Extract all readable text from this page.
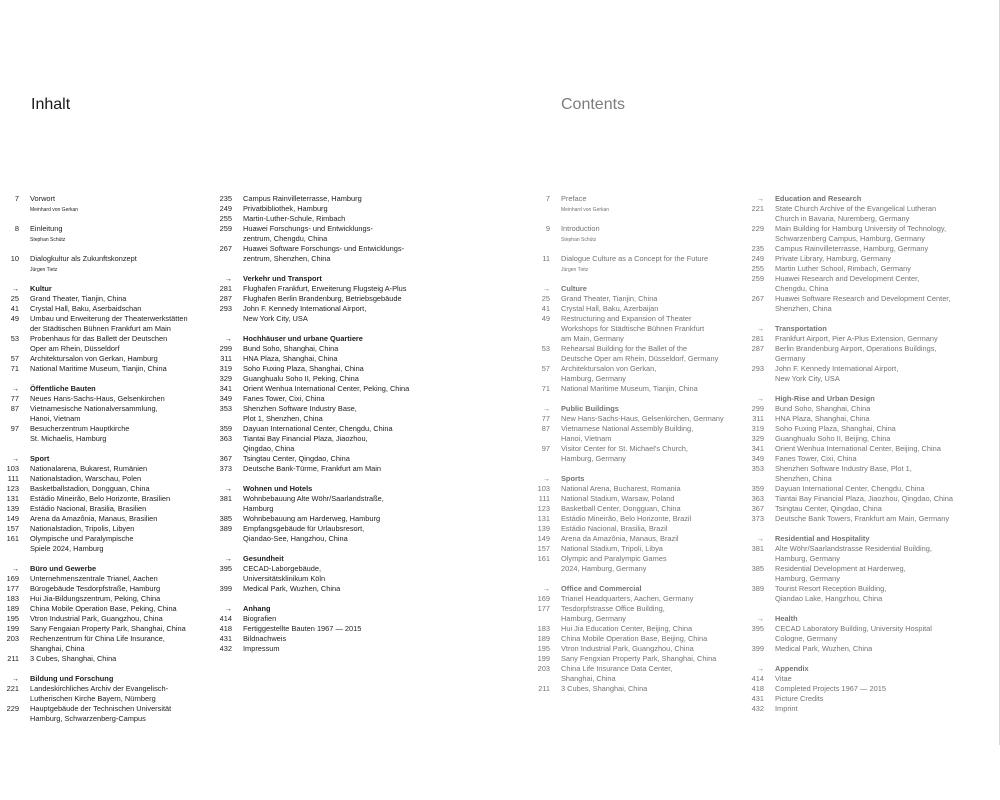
Inhalt	Contents
7 Vorwort
Meinhard von Gerkan
8 Einleitung
Stephan Schütz
10 Dialogkultur als Zukunftskonzept
Jürgen Tietz
→ Kultur
25 Grand Theater, Tianjin, China
41 Crystal Hall, Baku, Aserbaidschan
49 Umbau und Erweiterung der Theaterwerkstätten
der Städtischen Bühnen Frankfurt am Main
53 Probenhaus für das Ballett der Deutschen
Oper am Rhein, Düsseldorf
57 Architektursalon von Gerkan, Hamburg
71 National Maritime Museum, Tianjin, China
→ Öffentliche Bauten
77 Neues Hans-Sachs-Haus, Gelsenkirchen
87 Vietnamesische Nationalversammlung,
Hanoi, Vietnam
97 Besucherzentrum Hauptkirche
St. Michaelis, Hamburg
→ Sport
103 Nationalarena, Bukarest, Rumänien
111 Nationalstadion, Warschau, Polen
123 Basketballstadion, Dongguan, China
131 Estádio Mineirão, Belo Horizonte, Brasilien
139 Estádio Nacional, Brasilia, Brasilien
149 Arena da Amazônia, Manaus, Brasilien
157 Nationalstadion, Tripolis, Libyen
161 Olympische und Paralympische
Spiele 2024, Hamburg
→ Büro und Gewerbe
169 Unternehmenszentrale Trianel, Aachen
177 Bürogebäude Tesdorpfstraße, Hamburg
183 Hui Jia-Bildungszentrum, Peking, China
189 China Mobile Operation Base, Peking, China
195 Vtron Industrial Park, Guangzhou, China
199 Sany Fengaian Property Park, Shanghai, China
203 Rechenzentrum für China Life Insurance,
Shanghai, China
211 3 Cubes, Shanghai, China
→ Bildung und Forschung
221 Landeskirchliches Archiv der Evangelisch-
Lutherischen Kirche Bayern, Nürnberg
229 Hauptgebäude der Technischen Universität
Hamburg, Schwarzenberg-Campus
235 Campus Rainvilleterrasse, Hamburg
249 Privatbibliothek, Hamburg
255 Martin-Luther-Schule, Rimbach
259 Huawei Forschungs- und Entwicklungs-
zentrum, Chengdu, China
267 Huawei Software Forschungs- und Entwicklungs-
zentrum, Shenzhen, China
→ Verkehr und Transport
281 Flughafen Frankfurt, Erweiterung Flugsteig A-Plus
287 Flughafen Berlin Brandenburg, Betriebsgebäude
293 John F. Kennedy International Airport,
New York City, USA
→ Hochhäuser und urbane Quartiere
299 Bund Soho, Shanghai, China
311 HNA Plaza, Shanghai, China
319 Soho Fuxing Plaza, Shanghai, China
329 Guanghualu Soho II, Peking, China
341 Orient Wenhua International Center, Peking, China
349 Fanes Tower, Cixi, China
353 Shenzhen Software Industry Base,
Plot 1, Shenzhen, China
359 Dayuan International Center, Chengdu, China
363 Tiantai Bay Financial Plaza, Jiaozhou,
Qingdao, China
367 Tsingtau Center, Qingdao, China
373 Deutsche Bank-Türme, Frankfurt am Main
→ Wohnen und Hotels
381 Wohnbebauung Alte Wöhr/Saarlandstraße,
Hamburg
385 Wohnbebauung am Harderweg, Hamburg
389 Empfangsgebäude für Urlaubsresort,
Qiandao-See, Hangzhou, China
→ Gesundheit
395 CECAD-Laborgebäude,
Universitätsklinikum Köln
399 Medical Park, Wuzhen, China
→ Anhang
414 Biografien
418 Fertiggestellte Bauten 1967 — 2015
431 Bildnachweis
432 Impressum
7 Preface
Meinhard von Gerkan
9 Introduction
Stephan Schütz
11 Dialogue Culture as a Concept for the Future
Jürgen Tietz
→ Culture
25 Grand Theater, Tianjin, China
41 Crystal Hall, Baku, Azerbaijan
49 Restructuring and Expansion of Theater
Workshops for Städtische Bühnen Frankfurt
am Main, Germany
53 Rehearsal Building for the Ballet of the
Deutsche Oper am Rhein, Düsseldorf, Germany
57 Architektursalon von Gerkan,
Hamburg, Germany
71 National Maritime Museum, Tianjin, China
→ Public Buildings
77 New Hans-Sachs-Haus, Gelsenkirchen, Germany
87 Vietnamese National Assembly Building,
Hanoi, Vietnam
97 Visitor Center for St. Michael's Church,
Hamburg, Germany
→ Sports
103 National Arena, Bucharest, Romania
111 National Stadium, Warsaw, Poland
123 Basketball Center, Dongguan, China
131 Estádio Mineirão, Belo Horizonte, Brazil
139 Estádio Nacional, Brasilia, Brazil
149 Arena da Amazônia, Manaus, Brazil
157 National Stadium, Tripoli, Libya
161 Olympic and Paralympic Games
2024, Hamburg, Germany
→ Office and Commercial
169 Trianel Headquarters, Aachen, Germany
177 Tesdorpfstrasse Office Building,
Hamburg, Germany
183 Hui Jia Education Center, Beijing, China
189 China Mobile Operation Base, Beijing, China
195 Vtron Industrial Park, Guangzhou, China
199 Sany Fengxian Property Park, Shanghai, China
203 China Life Insurance Data Center,
Shanghai, China
211 3 Cubes, Shanghai, China
→ Education and Research
221 State Church Archive of the Evangelical Lutheran
Church in Bavaria, Nuremberg, Germany
229 Main Building for Hamburg University of Technology,
Schwarzenberg Campus, Hamburg, Germany
235 Campus Rainvilleterrasse, Hamburg, Germany
249 Private Library, Hamburg, Germany
255 Martin Luther School, Rimbach, Germany
259 Huawei Research and Development Center,
Chengdu, China
267 Huawei Software Research and Development Center,
Shenzhen, China
→ Transportation
281 Frankfurt Airport, Pier A-Plus Extension, Germany
287 Berlin Brandenburg Airport, Operations Buildings,
Germany
293 John F. Kennedy International Airport,
New York City, USA
→ High-Rise and Urban Design
299 Bund Soho, Shanghai, China
311 HNA Plaza, Shanghai, China
319 Soho Fuxing Plaza, Shanghai, China
329 Guanghualu Soho II, Beijing, China
341 Orient Wenhua International Center, Beijing, China
349 Fanes Tower, Cixi, China
353 Shenzhen Software Industry Base, Plot 1,
Shenzhen, China
359 Dayuan International Center, Chengdu, China
363 Tiantai Bay Financial Plaza, Jiaozhou, Qingdao, China
367 Tsingtau Center, Qingdao, China
373 Deutsche Bank Towers, Frankfurt am Main, Germany
→ Residential and Hospitality
381 Alte Wöhr/Saarlandstrasse Residential Building,
Hamburg, Germany
385 Residential Development at Harderweg,
Hamburg, Germany
389 Tourist Resort Reception Building,
Qiandao Lake, Hangzhou, China
→ Health
395 CECAD Laboratory Building, University Hospital
Cologne, Germany
399 Medical Park, Wuzhen, China
→ Appendix
414 Vitae
418 Completed Projects 1967 — 2015
431 Picture Credits
432 Imprint
